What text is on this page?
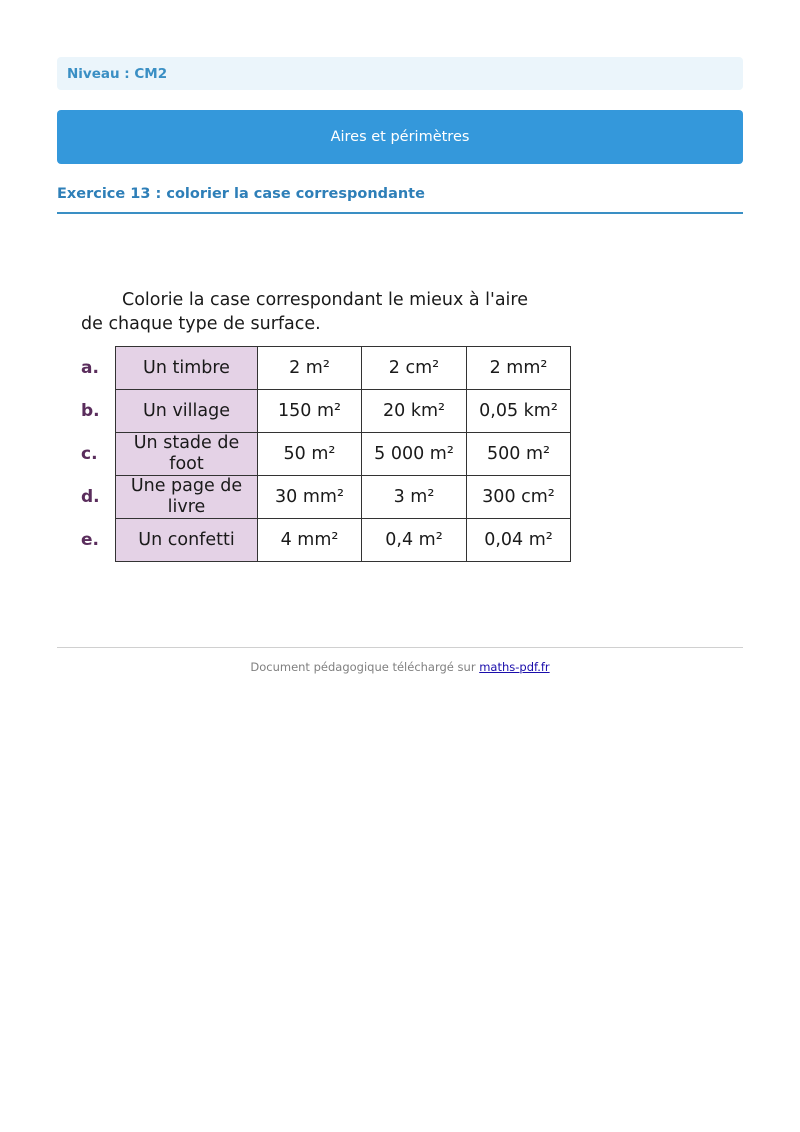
Niveau : CM2
Aires et périmètres
Exercice 13 : colorier la case correspondante
Colorie la case correspondant le mieux à l'aire
de chaque type de surface.
a.
b.
c.
d.
e.
Un timbre	2 m²	2 cm²	2 mm²
Un village	150 m²	20 km²	0,05 km²
Un stade de foot	50 m²	5 000 m²	500 m²
Une page de livre	30 mm²	3 m²	300 cm²
Un confetti	4 mm²	0,4 m²	0,04 m²
Document pédagogique téléchargé sur maths-pdf.fr
